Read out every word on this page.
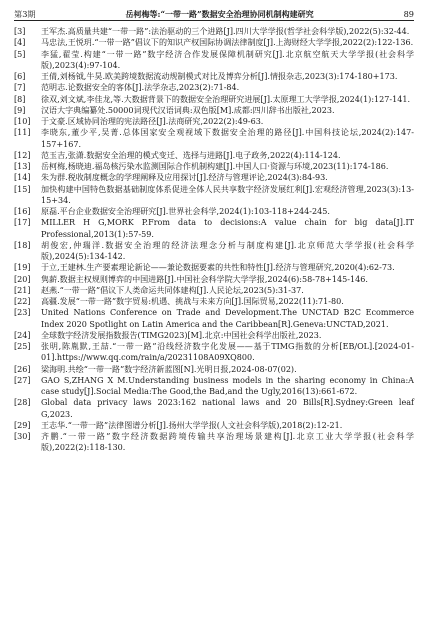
第3期	岳柯梅等:“一带一路”数据安全治理协同机制构建研究	89
[3]	王军杰.高质量共建“一带一路”:法治驱动的三个进路[J].四川大学学报(哲学社会科学版),2022(5):32-44.
[4]	马忠法,王悦玥.“一带一路”倡议下的知识产权国际协调法律制度[J].上海财经大学学报,2022(2):122-136.
[5]	李猛,翟莹.构建“一带一路”数字经济合作发展保障机制研究[J].北京航空航天大学学报(社会科学版),2023(4):97-104.
[6]	王倩,刘杨钺,牛昊.欧美跨境数据流动规制模式对比及博弈分析[J].情报杂志,2023(3):174-180+173.
[7]	范明志.论数据安全的客体[J].法学杂志,2023(2):71-84.
[8]	徐双,刘文斌,李佳龙,等.大数据背景下的数据安全治理研究进展[J].太原理工大学学报,2024(1):127-141.
[9]	汉语大字典编纂处.50000词现代汉语词典:双色版[M].成都:四川辞书出版社,2023.
[10]	于文豪.区域协同治理的宪法路径[J].法商研究,2022(2):49-63.
[11]	李晓东,董少平,吴菁.总体国家安全观视域下数据安全治理的路径[J].中国科技论坛,2024(2):147-157+167.
[12]	范玉吉,张潇.数据安全治理的模式变迁、选择与进路[J].电子政务,2022(4):114-124.
[13]	岳柯梅,杨晓迪.福岛核污染水监测国际合作机制构建[J].中国人口·资源与环境,2023(11):174-186.
[14]	朱为群.税收制度概念的学理阐释及应用探讨[J].经济与管理评论,2024(3):84-93.
[15]	加快构建中国特色数据基础制度体系促进全体人民共享数字经济发展红利[J].宏观经济管理,2023(3):13-15+34.
[16]	原磊.平台企业数据安全治理研究[J].世界社会科学,2024(1):103-118+244-245.
[17]	MILLER H G,MORK P.From data to decisions:A value chain for big data[J].IT Professional,2013(1):57-59.
[18]	胡俊宏,仲瑞洋.数据安全治理的经济法理念分析与制度构建[J].北京师范大学学报(社会科学版),2024(5):134-142.
[19]	于立,王建林.生产要素理论新论——兼论数据要素的共性和特性[J].经济与管理研究,2020(4):62-73.
[20]	隽薪.数据主权规则博弈的中国进路[J].中国社会科学院大学学报,2024(6):58-78+145-146.
[21]	赵燕.“一带一路”倡议下人类命运共同体建构[J].人民论坛,2023(5):31-37.
[22]	高疆.发展“一带一路”数字贸易:机遇、挑战与未来方向[J].国际贸易,2022(11):71-80.
[23]	United Nations Conference on Trade and Development.The UNCTAD B2C Ecommerce Index 2020 Spotlight on Latin America and the Caribbean[R].Geneva:UNCTAD,2021.
[24]	全球数字经济发展指数报告(TIMG2023)[M].北京:中国社会科学出版社,2023.
[25]	张明,陈胤默,王喆.“一带一路”沿线经济数字化发展——基于TIMG指数的分析[EB/OL].[2024-01-01].https://www.qq.com/rain/a/20231108A09XQ800.
[26]	梁海明.共绘“一带一路”数字经济新蓝图[N].光明日报,2024-08-07(02).
[27]	GAO S,ZHANG X M.Understanding business models in the sharing economy in China:A case study[J].Social Media:The Good,the Bad,and the Ugly,2016(13):661-672.
[28]	Global data privacy laws 2023:162 national laws and 20 Bills[R].Sydney:Green leaf G,2023.
[29]	王志华.“一带一路”法律图谱分析[J].扬州大学学报(人文社会科学版),2018(2):12-21.
[30]	齐鹏.“一带一路”数字经济数据跨境传输共享治理场景建构[J].北京工业大学学报(社会科学版),2022(2):118-130.
